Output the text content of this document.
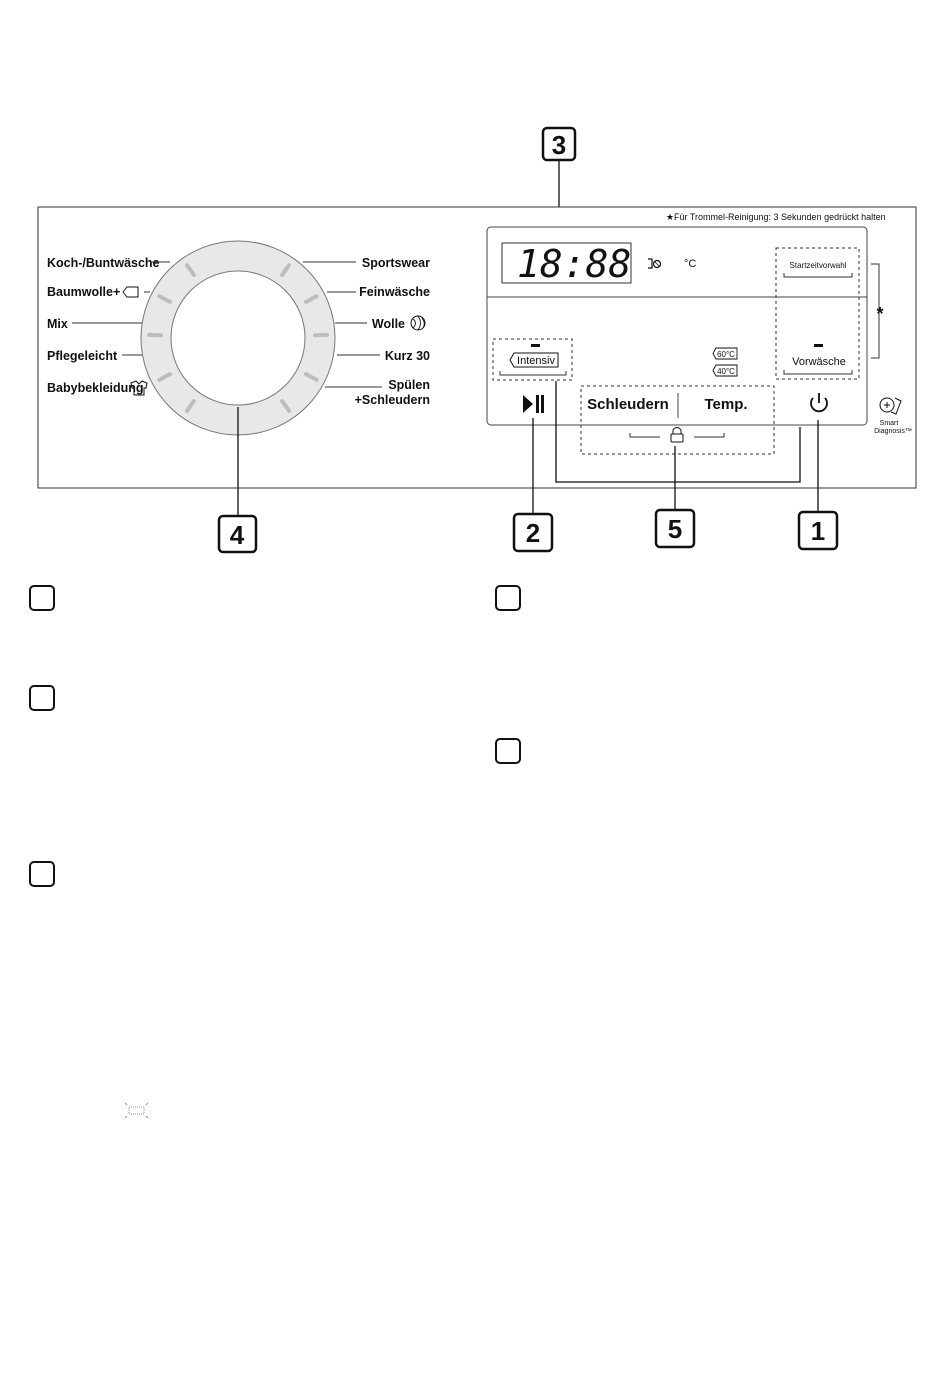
3
★ Für Trommel-Reinigung: 3 Sekunden gedrückt halten
Koch-/Buntwäsche
Baumwolle+
Mix
Pflegeleicht
Babybekleidung
Sportswear
Feinwäsche
Wolle
Kurz 30
Spülen
+Schleudern
18:88	°C	Startzeitvorwahl
Vorwäsche
*
Intensiv
60°C
40°C
Schleudern Temp.
Smart
Diagnosis™
4	2	5	1
